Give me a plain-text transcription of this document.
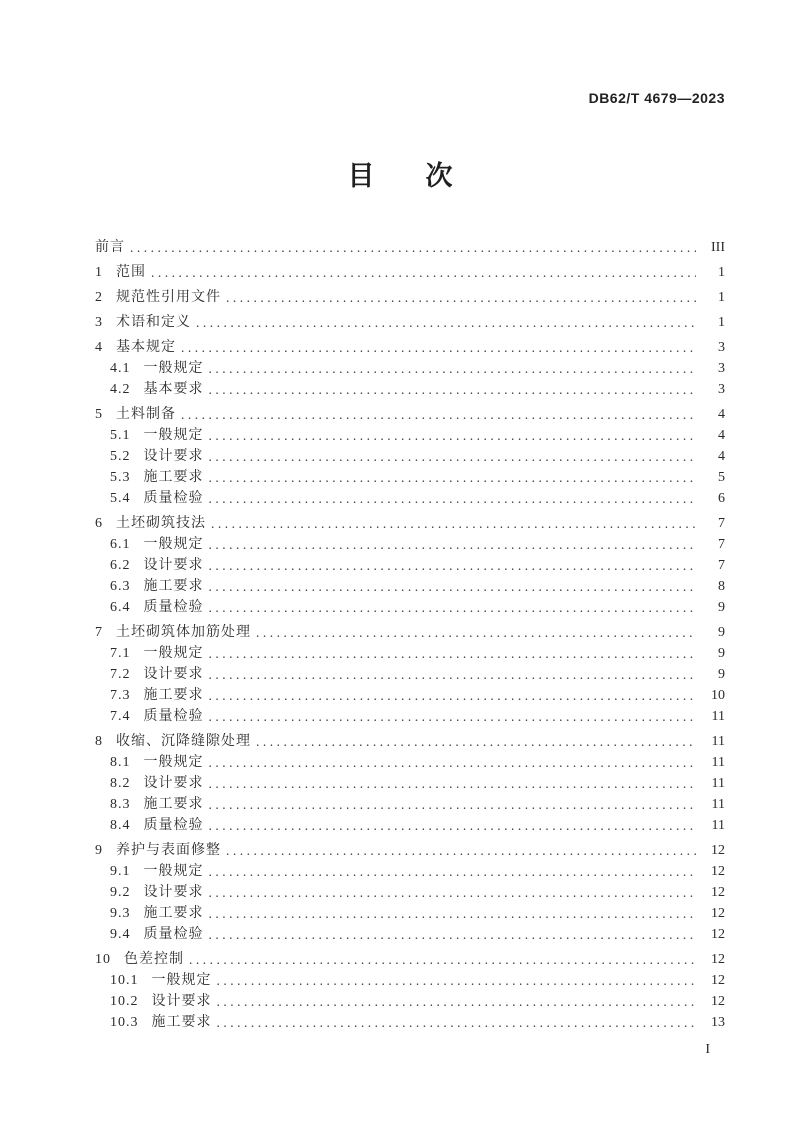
DB62/T 4679—2023
目　次
前言 .....	III
1 范围 .....	1
2 规范性引用文件 .....	1
3 术语和定义 .....	1
4 基本规定 .....	3
4.1 一般规定 .....	3
4.2 基本要求 .....	3
5 土料制备 .....	4
5.1 一般规定 .....	4
5.2 设计要求 .....	4
5.3 施工要求 .....	5
5.4 质量检验 .....	6
6 土坯砌筑技法 .....	7
6.1 一般规定 .....	7
6.2 设计要求 .....	7
6.3 施工要求 .....	8
6.4 质量检验 .....	9
7 土坯砌筑体加筋处理 .....	9
7.1 一般规定 .....	9
7.2 设计要求 .....	9
7.3 施工要求 .....	10
7.4 质量检验 .....	11
8 收缩、沉降缝隙处理 .....	11
8.1 一般规定 .....	11
8.2 设计要求 .....	11
8.3 施工要求 .....	11
8.4 质量检验 .....	11
9 养护与表面修整 .....	12
9.1 一般规定 .....	12
9.2 设计要求 .....	12
9.3 施工要求 .....	12
9.4 质量检验 .....	12
10 色差控制 .....	12
10.1 一般规定 .....	12
10.2 设计要求 .....	12
10.3 施工要求 .....	13
I
